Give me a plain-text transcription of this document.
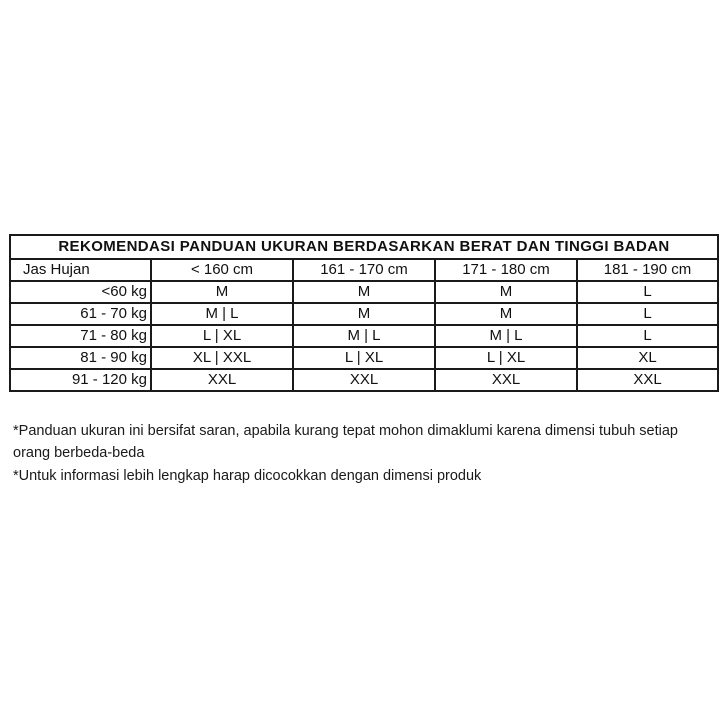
REKOMENDASI PANDUAN UKURAN BERDASARKAN BERAT DAN TINGGI BADAN				
Jas Hujan	< 160 cm	161 - 170 cm	171 - 180 cm	181 - 190 cm
<60 kg	M	M	M	L
61 - 70 kg	M | L	M	M	L
71 - 80 kg	L | XL	M | L	M | L	L
81 - 90 kg	XL | XXL	L | XL	L | XL	XL
91 - 120 kg	XXL	XXL	XXL	XXL

*Panduan ukuran ini bersifat saran, apabila kurang tepat mohon dimaklumi karena dimensi tubuh setiap orang berbeda-beda

*Untuk informasi lebih lengkap harap dicocokkan dengan dimensi produk
